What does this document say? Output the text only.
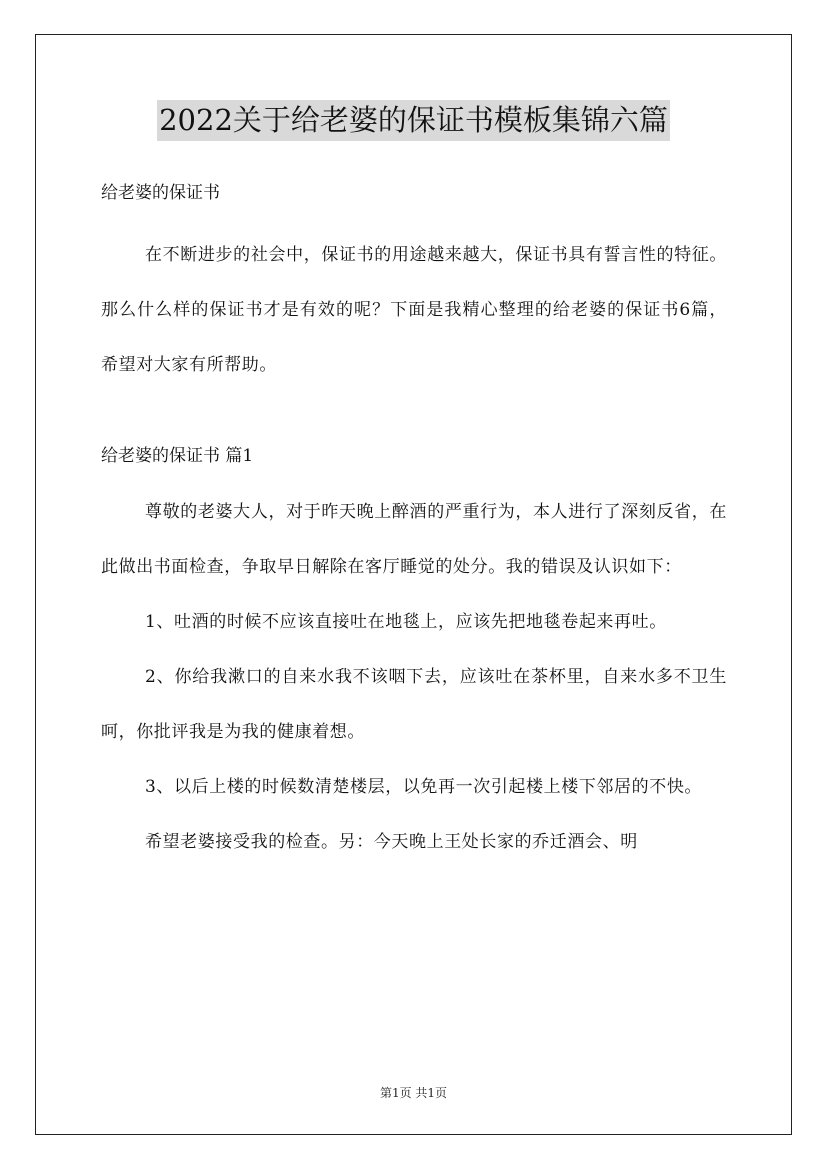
2022关于给老婆的保证书模板集锦六篇

给老婆的保证书

在不断进步的社会中，保证书的用途越来越大，保证书具有誓言性的特征。那么什么样的保证书才是有效的呢？下面是我精心整理的给老婆的保证书6篇，希望对大家有所帮助。

给老婆的保证书 篇1

尊敬的老婆大人，对于昨天晚上醉酒的严重行为，本人进行了深刻反省，在此做出书面检查，争取早日解除在客厅睡觉的处分。我的错误及认识如下：

1、吐酒的时候不应该直接吐在地毯上，应该先把地毯卷起来再吐。

2、你给我漱口的自来水我不该咽下去，应该吐在茶杯里，自来水多不卫生呵，你批评我是为我的健康着想。

3、以后上楼的时候数清楚楼层，以免再一次引起楼上楼下邻居的不快。

希望老婆接受我的检查。另：今天晚上王处长家的乔迁酒会、明

第1页 共1页
